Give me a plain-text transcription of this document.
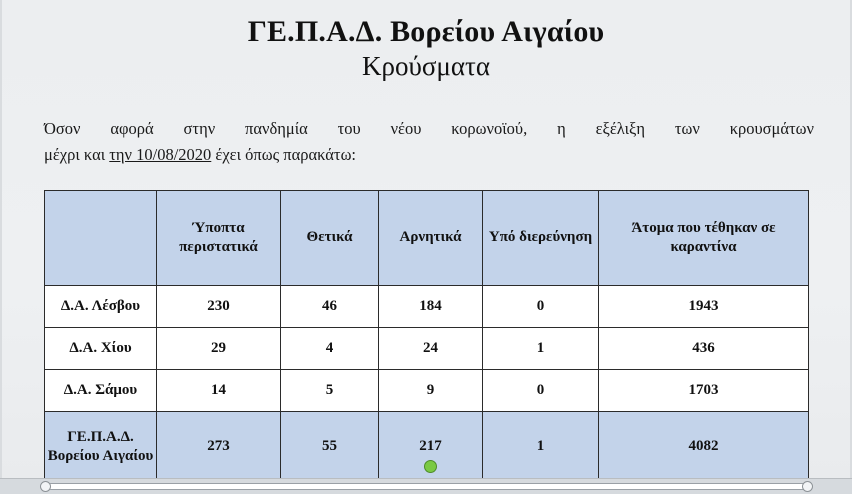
ΓΕ.Π.Α.Δ. Βορείου Αιγαίου
Κρούσματα
Όσον αφορά στην πανδημία του νέου κορωνοϊού, η εξέλιξη των κρουσμάτων
μέχρι και την 10/08/2020 έχει όπως παρακάτω:
	Ύποπτα περιστατικά	Θετικά	Αρνητικά	Υπό διερεύνηση	Άτομα που τέθηκαν σε καραντίνα
Δ.Α. Λέσβου	230	46	184	0	1943
Δ.Α. Χίου	29	4	24	1	436
Δ.Α. Σάμου	14	5	9	0	1703
ΓΕ.Π.Α.Δ. Βορείου Αιγαίου	273	55	217	1	4082
